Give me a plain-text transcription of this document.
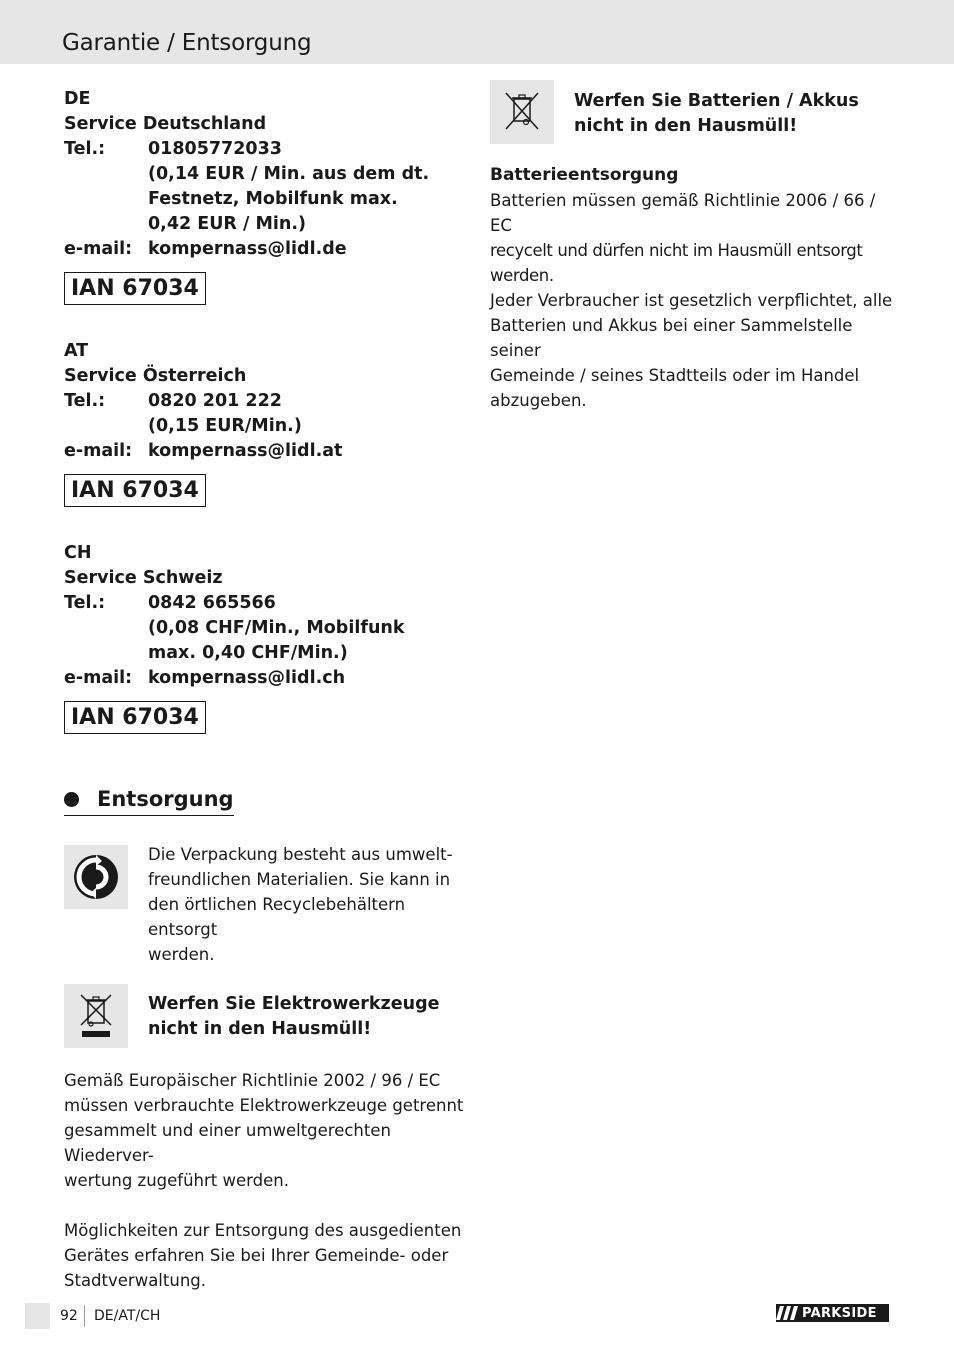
Garantie / Entsorgung
DE
Service Deutschland
Tel.:	01805772033
(0,14 EUR / Min. aus dem dt.
Festnetz, Mobilfunk max.
0,42 EUR / Min.)
e-mail: kompernass@lidl.de
IAN 67034
AT
Service Österreich
Tel.:	0820 201 222
(0,15 EUR/Min.)
e-mail: kompernass@lidl.at
IAN 67034
CH
Service Schweiz
Tel.:	0842 665566
(0,08 CHF/Min., Mobilfunk
max. 0,40 CHF/Min.)
e-mail: kompernass@lidl.ch
IAN 67034
Entsorgung
Die Verpackung besteht aus umwelt-
freundlichen Materialien. Sie kann in
den örtlichen Recyclebehältern entsorgt
werden.
Werfen Sie Elektrowerkzeuge
nicht in den Hausmüll!
Gemäß Europäischer Richtlinie 2002 / 96 / EC
müssen verbrauchte Elektrowerkzeuge getrennt
gesammelt und einer umweltgerechten Wiederver-
wertung zugeführt werden.
Möglichkeiten zur Entsorgung des ausgedienten
Gerätes erfahren Sie bei Ihrer Gemeinde- oder
Stadtverwaltung.
Werfen Sie Batterien / Akkus
nicht in den Hausmüll!
Batterieentsorgung
Batterien müssen gemäß Richtlinie 2006 / 66 / EC
recycelt und dürfen nicht im Hausmüll entsorgt werden.
Jeder Verbraucher ist gesetzlich verpflichtet, alle
Batterien und Akkus bei einer Sammelstelle seiner
Gemeinde / seines Stadtteils oder im Handel
abzugeben.
92 DE/AT/CH	PARKSIDE
